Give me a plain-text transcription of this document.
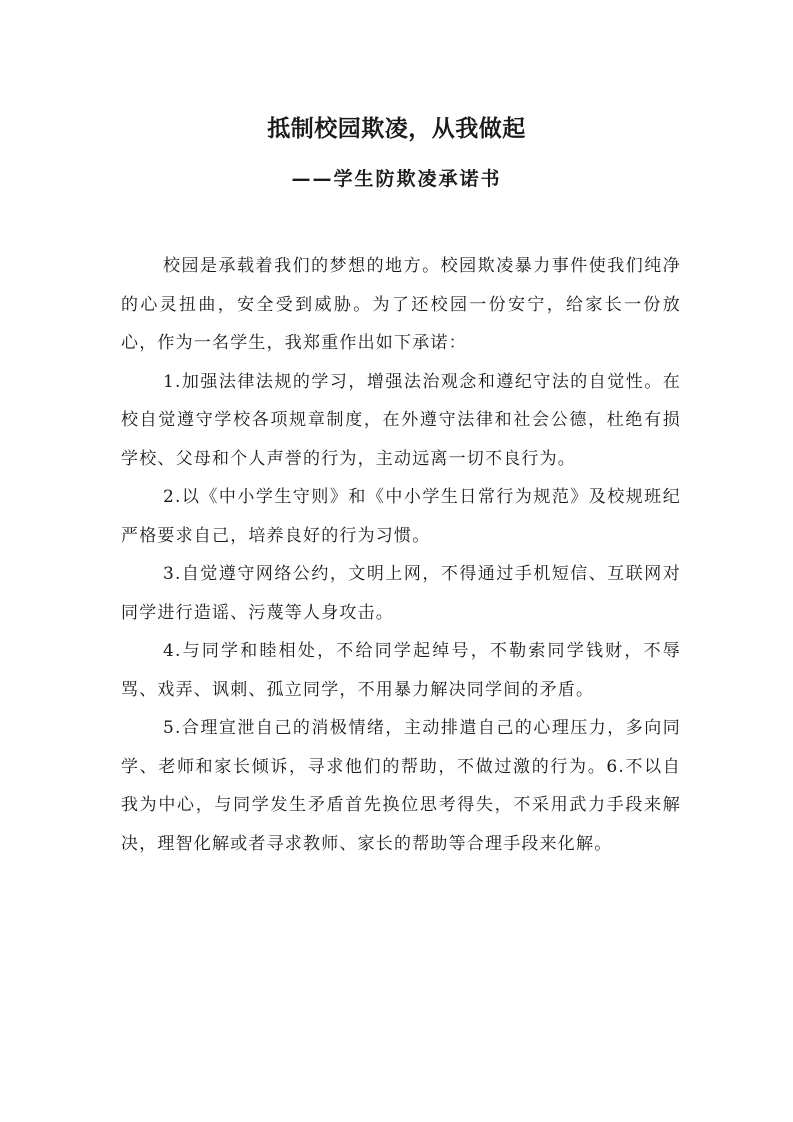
抵制校园欺凌，从我做起
——学生防欺凌承诺书

校园是承载着我们的梦想的地方。校园欺凌暴力事件使我们纯净的心灵扭曲，安全受到威胁。为了还校园一份安宁，给家长一份放心，作为一名学生，我郑重作出如下承诺：

1.加强法律法规的学习，增强法治观念和遵纪守法的自觉性。在校自觉遵守学校各项规章制度，在外遵守法律和社会公德，杜绝有损学校、父母和个人声誉的行为，主动远离一切不良行为。

2.以《中小学生守则》和《中小学生日常行为规范》及校规班纪严格要求自己，培养良好的行为习惯。

3.自觉遵守网络公约，文明上网，不得通过手机短信、互联网对同学进行造谣、污蔑等人身攻击。

4.与同学和睦相处，不给同学起绰号，不勒索同学钱财，不辱骂、戏弄、讽刺、孤立同学，不用暴力解决同学间的矛盾。

5.合理宣泄自己的消极情绪，主动排遣自己的心理压力，多向同学、老师和家长倾诉，寻求他们的帮助，不做过激的行为。6.不以自我为中心，与同学发生矛盾首先换位思考得失，不采用武力手段来解决，理智化解或者寻求教师、家长的帮助等合理手段来化解。
